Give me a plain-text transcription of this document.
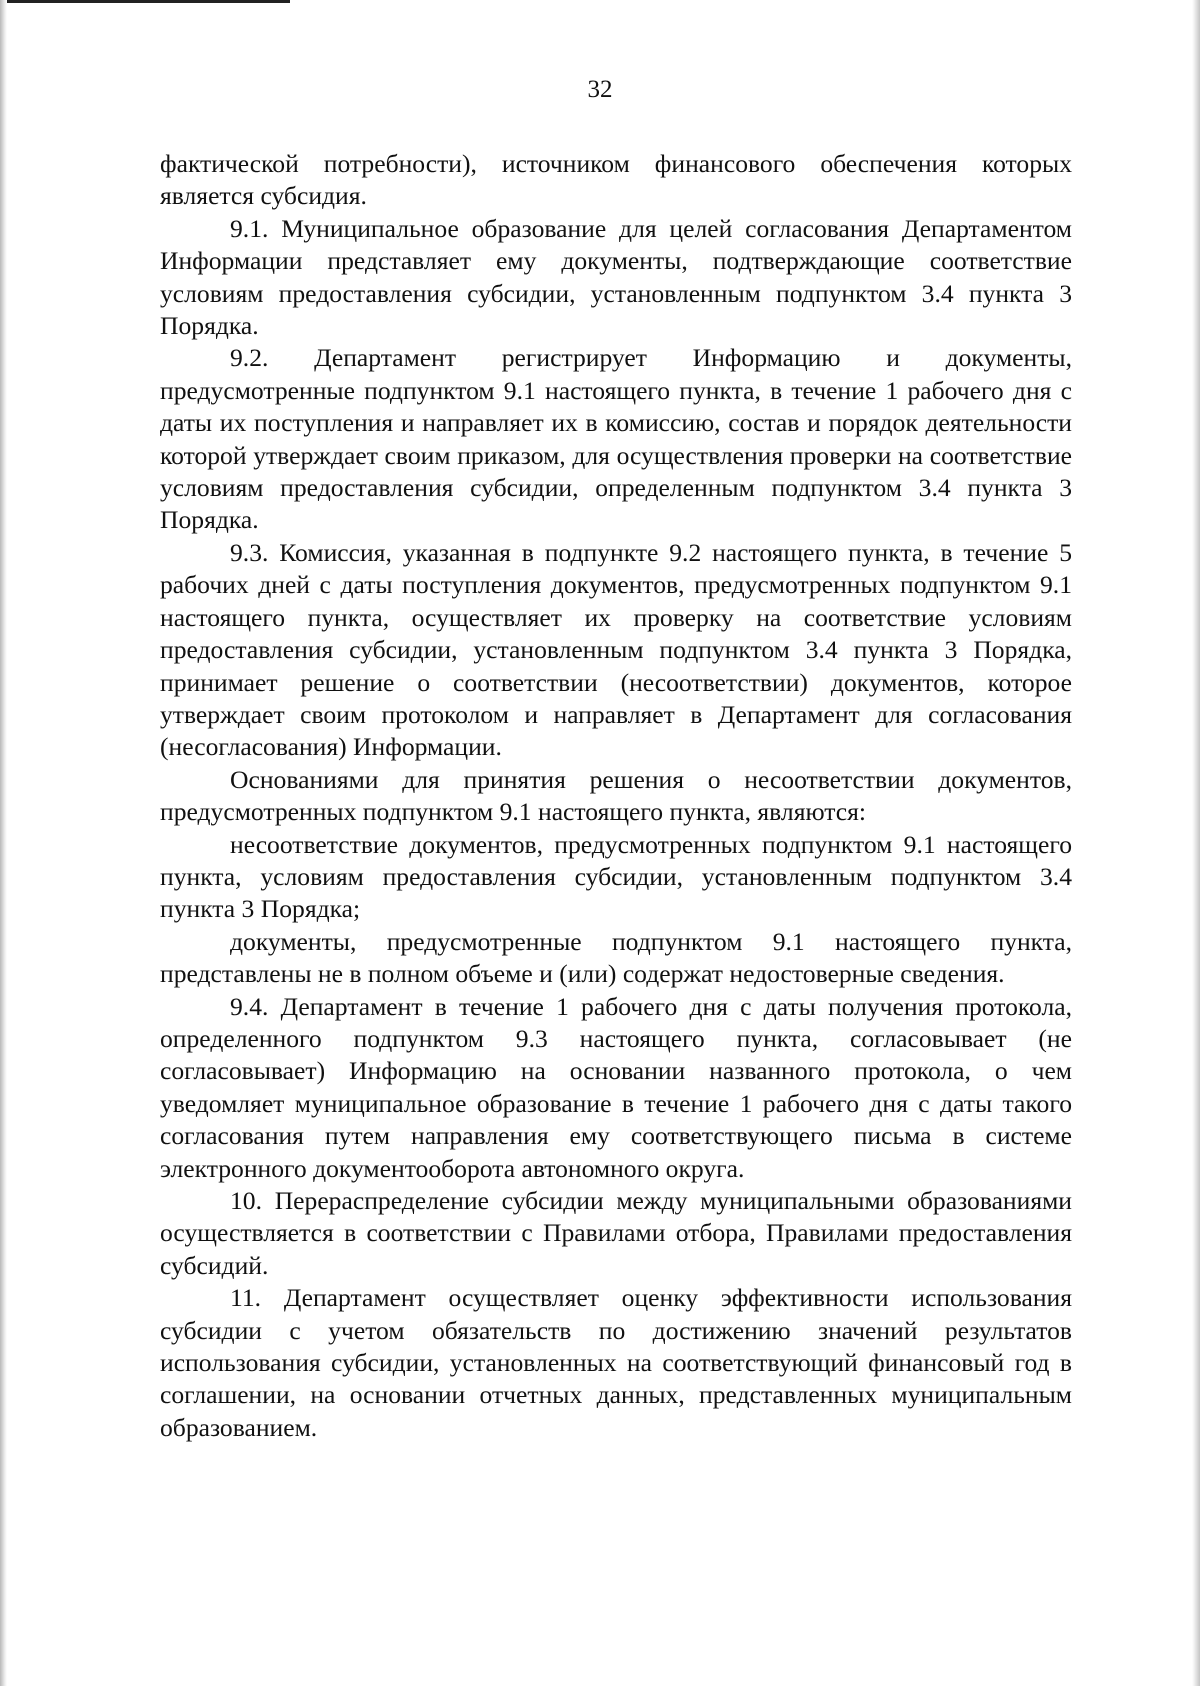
32

фактической потребности), источником финансового обеспечения которых является субсидия.

9.1. Муниципальное образование для целей согласования Департаментом Информации представляет ему документы, подтверждающие соответствие условиям предоставления субсидии, установленным подпунктом 3.4 пункта 3 Порядка.

9.2. Департамент регистрирует Информацию и документы, предусмотренные подпунктом 9.1 настоящего пункта, в течение 1 рабочего дня с даты их поступления и направляет их в комиссию, состав и порядок деятельности которой утверждает своим приказом, для осуществления проверки на соответствие условиям предоставления субсидии, определенным подпунктом 3.4 пункта 3 Порядка.

9.3. Комиссия, указанная в подпункте 9.2 настоящего пункта, в течение 5 рабочих дней с даты поступления документов, предусмотренных подпунктом 9.1 настоящего пункта, осуществляет их проверку на соответствие условиям предоставления субсидии, установленным подпунктом 3.4 пункта 3 Порядка, принимает решение о соответствии (несоответствии) документов, которое утверждает своим протоколом и направляет в Департамент для согласования (несогласования) Информации.

Основаниями для принятия решения о несоответствии документов, предусмотренных подпунктом 9.1 настоящего пункта, являются:

несоответствие документов, предусмотренных подпунктом 9.1 настоящего пункта, условиям предоставления субсидии, установленным подпунктом 3.4 пункта 3 Порядка;

документы, предусмотренные подпунктом 9.1 настоящего пункта, представлены не в полном объеме и (или) содержат недостоверные сведения.

9.4. Департамент в течение 1 рабочего дня с даты получения протокола, определенного подпунктом 9.3 настоящего пункта, согласовывает (не согласовывает) Информацию на основании названного протокола, о чем уведомляет муниципальное образование в течение 1 рабочего дня с даты такого согласования путем направления ему соответствующего письма в системе электронного документооборота автономного округа.

10. Перераспределение субсидии между муниципальными образованиями осуществляется в соответствии с Правилами отбора, Правилами предоставления субсидий.

11. Департамент осуществляет оценку эффективности использования субсидии с учетом обязательств по достижению значений результатов использования субсидии, установленных на соответствующий финансовый год в соглашении, на основании отчетных данных, представленных муниципальным образованием.
